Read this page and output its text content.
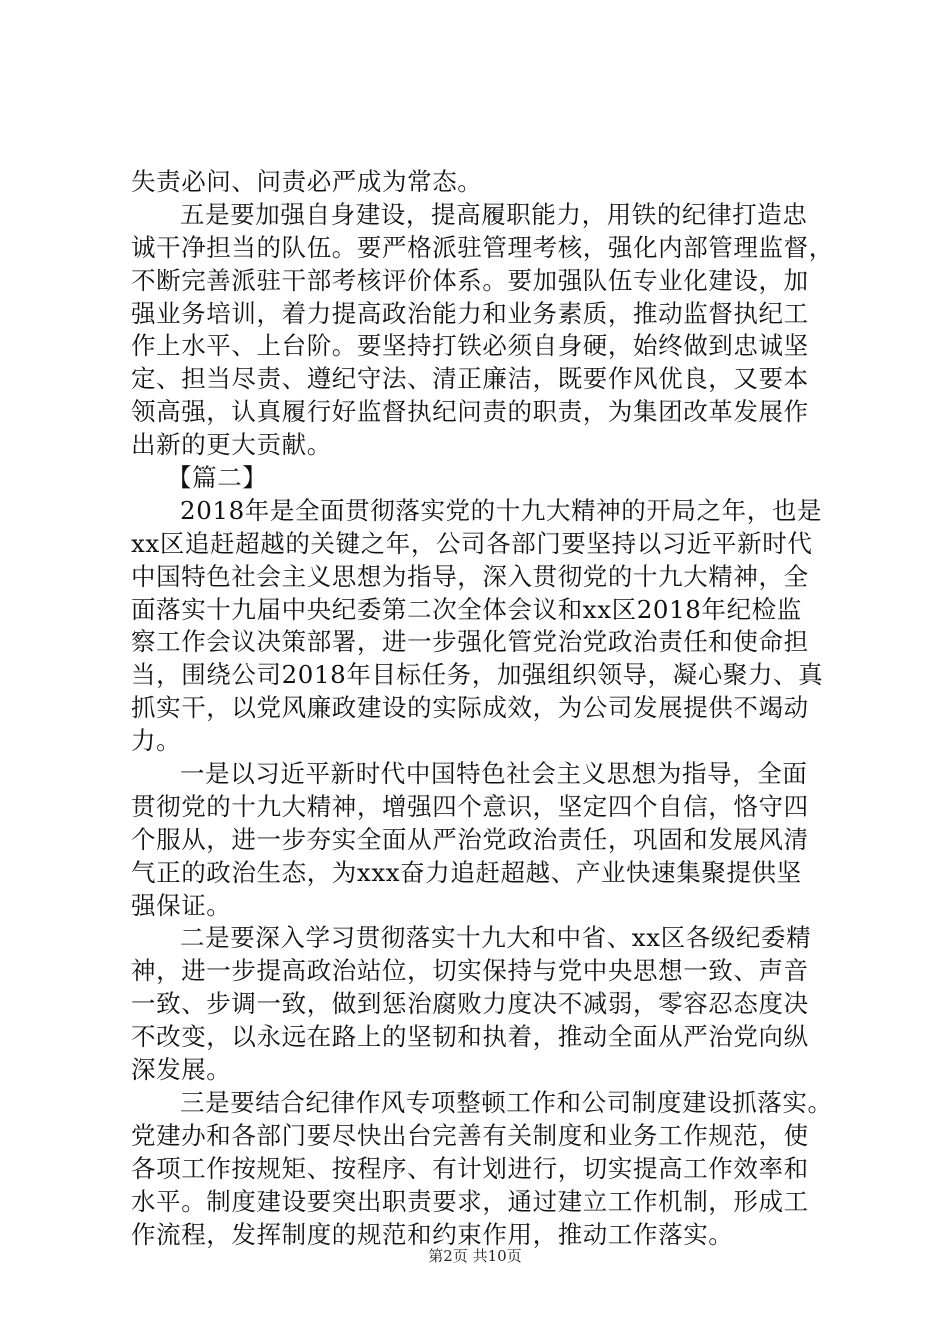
失责必问、问责必严成为常态。
五是要加强自身建设，提高履职能力，用铁的纪律打造忠
诚干净担当的队伍。要严格派驻管理考核，强化内部管理监督，
不断完善派驻干部考核评价体系。要加强队伍专业化建设，加
强业务培训，着力提高政治能力和业务素质，推动监督执纪工
作上水平、上台阶。要坚持打铁必须自身硬，始终做到忠诚坚
定、担当尽责、遵纪守法、清正廉洁，既要作风优良，又要本
领高强，认真履行好监督执纪问责的职责，为集团改革发展作
出新的更大贡献。
【篇二】
2018年是全面贯彻落实党的十九大精神的开局之年，也是
xx区追赶超越的关键之年，公司各部门要坚持以习近平新时代
中国特色社会主义思想为指导，深入贯彻党的十九大精神，全
面落实十九届中央纪委第二次全体会议和xx区2018年纪检监
察工作会议决策部署，进一步强化管党治党政治责任和使命担
当，围绕公司2018年目标任务，加强组织领导，凝心聚力、真
抓实干，以党风廉政建设的实际成效，为公司发展提供不竭动
力。
一是以习近平新时代中国特色社会主义思想为指导，全面
贯彻党的十九大精神，增强四个意识，坚定四个自信，恪守四
个服从，进一步夯实全面从严治党政治责任，巩固和发展风清
气正的政治生态，为xxx奋力追赶超越、产业快速集聚提供坚
强保证。
二是要深入学习贯彻落实十九大和中省、xx区各级纪委精
神，进一步提高政治站位，切实保持与党中央思想一致、声音
一致、步调一致，做到惩治腐败力度决不减弱，零容忍态度决
不改变，以永远在路上的坚韧和执着，推动全面从严治党向纵
深发展。
三是要结合纪律作风专项整顿工作和公司制度建设抓落实。
党建办和各部门要尽快出台完善有关制度和业务工作规范，使
各项工作按规矩、按程序、有计划进行，切实提高工作效率和
水平。制度建设要突出职责要求，通过建立工作机制，形成工
作流程，发挥制度的规范和约束作用，推动工作落实。
第2页 共10页
